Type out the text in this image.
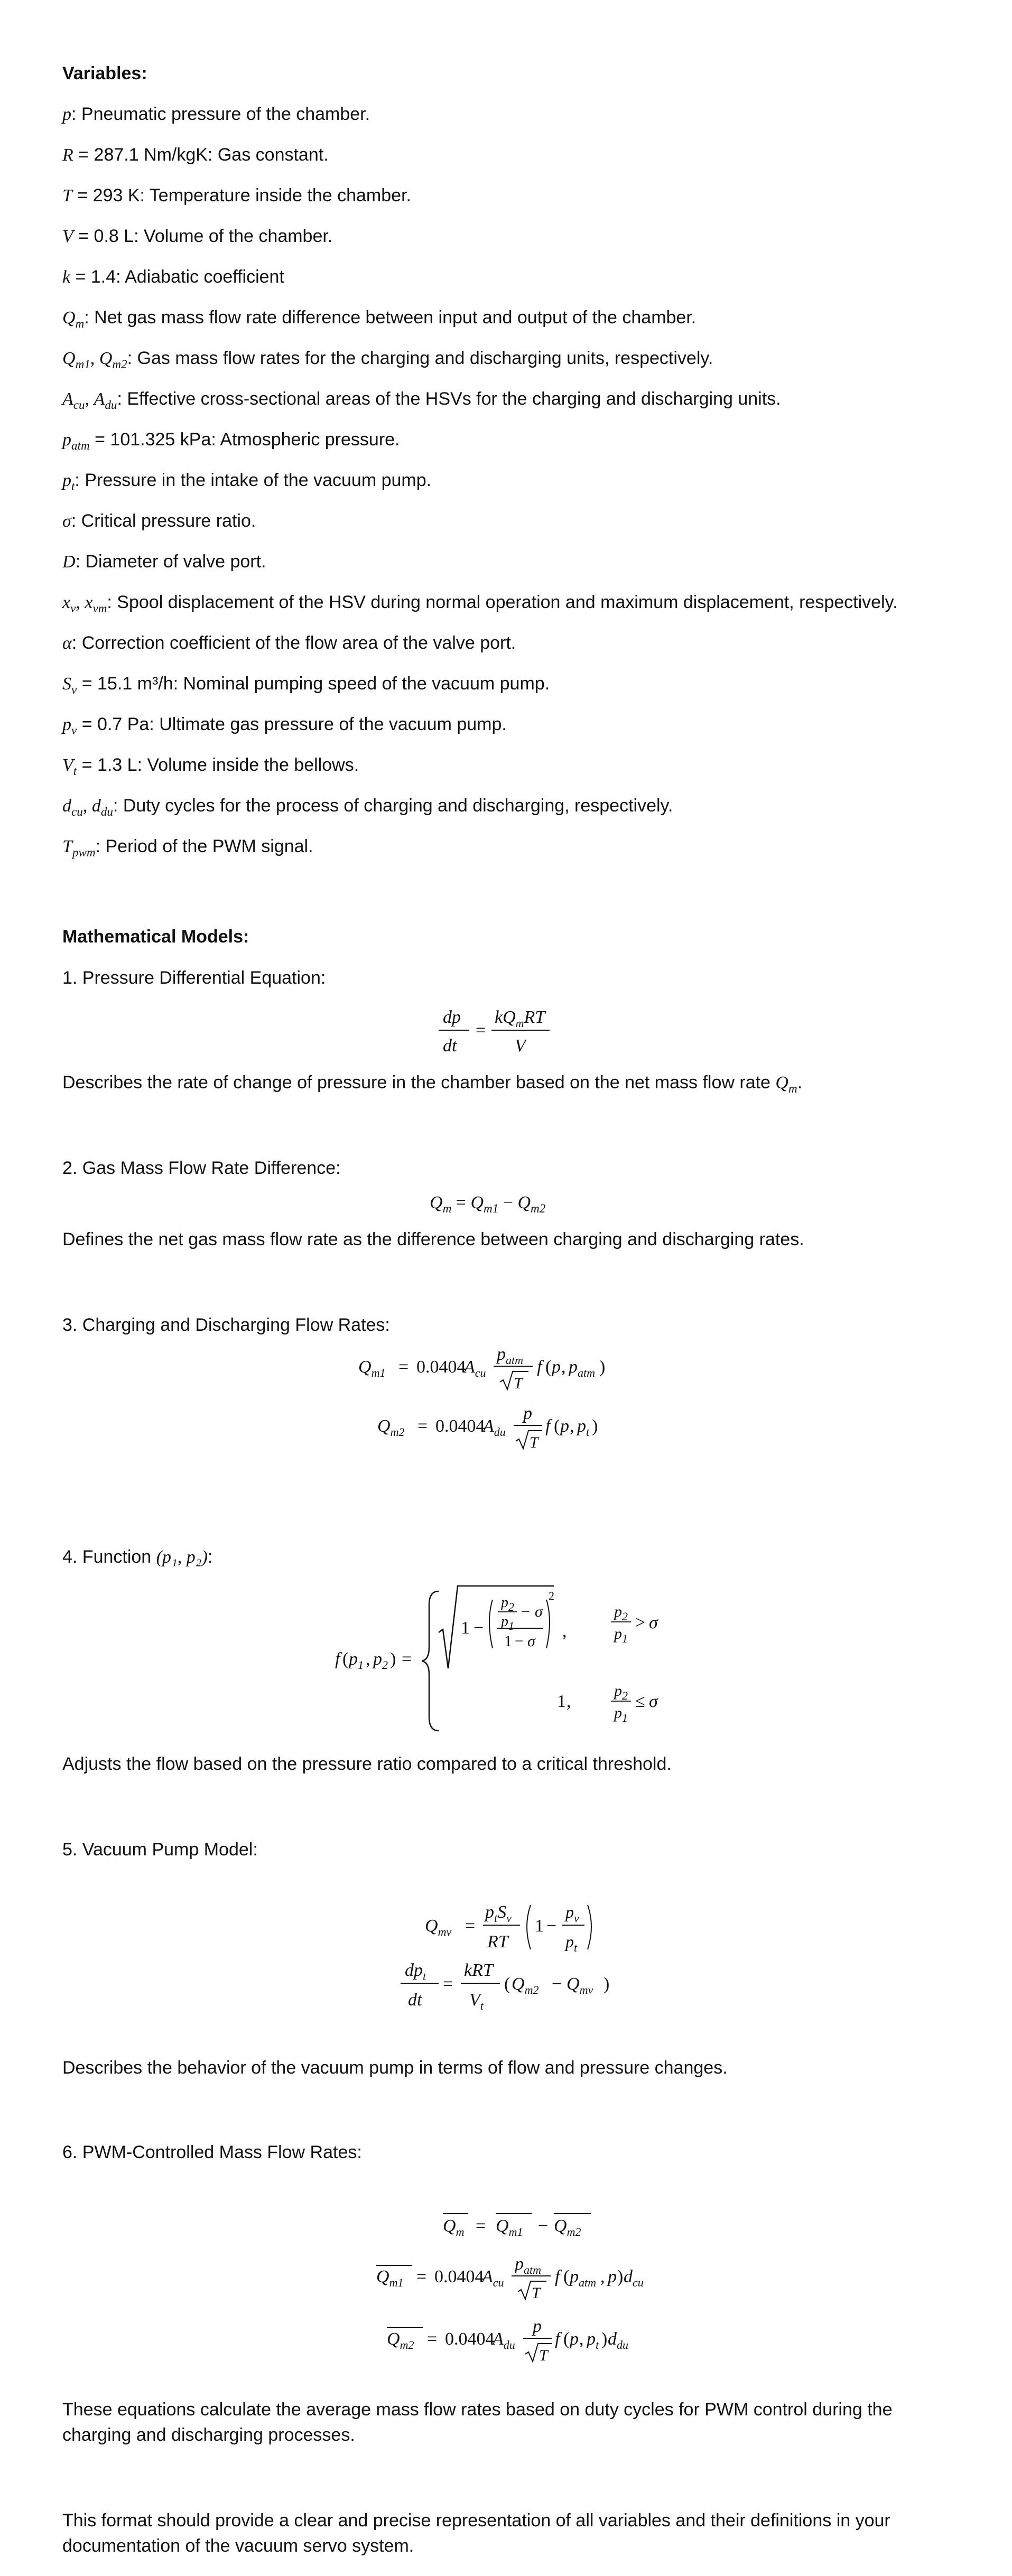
Variables:
p: Pneumatic pressure of the chamber.
R = 287.1 Nm/kgK: Gas constant.
T = 293 K: Temperature inside the chamber.
V = 0.8 L: Volume of the chamber.
k = 1.4: Adiabatic coefficient
$Q_m$: Net gas mass flow rate difference between input and output of the chamber.
$Q_{m1}$, $Q_{m2}$: Gas mass flow rates for the charging and discharging units, respectively.
$A_{cu}$, $A_{du}$: Effective cross-sectional areas of the HSVs for the charging and discharging units.
$p_{atm} = 101.325$ kPa: Atmospheric pressure.
$p_t$: Pressure in the intake of the vacuum pump.
σ: Critical pressure ratio.
D: Diameter of valve port.
$x_v$, $x_{vm}$: Spool displacement of the HSV during normal operation and maximum displacement, respectively.
α: Correction coefficient of the flow area of the valve port.
$S_v = 15.1$ m³/h: Nominal pumping speed of the vacuum pump.
$p_v = 0.7$ Pa: Ultimate gas pressure of the vacuum pump.
$V_t = 1.3$ L: Volume inside the bellows.
$d_{cu}$, $d_{du}$: Duty cycles for the process of charging and discharging, respectively.
$T_{pwm}$: Period of the PWM signal.
Mathematical Models:
1. Pressure Differential Equation:
dp
dt
=
$kQ_mRT$
V
Describes the rate of change of pressure in the chamber based on the net mass flow rate $Q_m$.
2. Gas Mass Flow Rate Difference:
$Q_m = Q_{m1} - Q_{m2}$
Defines the net gas mass flow rate as the difference between charging and discharging rates.
3. Charging and Discharging Flow Rates:
$Q_{m1} = 0.0404$
$A_{cu}$
$p_{atm}$
T
f ( p , $p_{atm}$ )
$Q_{m2} = 0.0404$
$A_{du}$
p
T
f ( p , $p_t$ )
4. Function (p₁, p₂):
f ( $p_1$ , $p_2$ ) =
1 −
$p_2$
$p_1$
− σ
1 − σ
2
,
$p_2$
$p_1$
> σ
1 ,
$p_2$
$p_1$
≤ σ
Adjusts the flow based on the pressure ratio compared to a critical threshold.
5. Vacuum Pump Model:
$Q_{mv}$ =
$p_tS_v$
RT
1 −
$p_v$
$p_t$
$dp_t$
dt
=
kRT
$V_t$
( $Q_{m2} - Q_{mv}$ )
Describes the behavior of the vacuum pump in terms of flow and pressure changes.
6. PWM-Controlled Mass Flow Rates:
$Q_m = Q_{m1} - Q_{m2}$
$Q_{m1} = 0.0404$
$A_{cu}$
$p_{atm}$
T
f ( $p_{atm}$ , p ) $d_{cu}$
$Q_{m2} = 0.0404$
$A_{du}$
p
T
f ( p , $p_t$ ) $d_{du}$
These equations calculate the average mass flow rates based on duty cycles for PWM control during the
charging and discharging processes.
This format should provide a clear and precise representation of all variables and their definitions in your
documentation of the vacuum servo system.
